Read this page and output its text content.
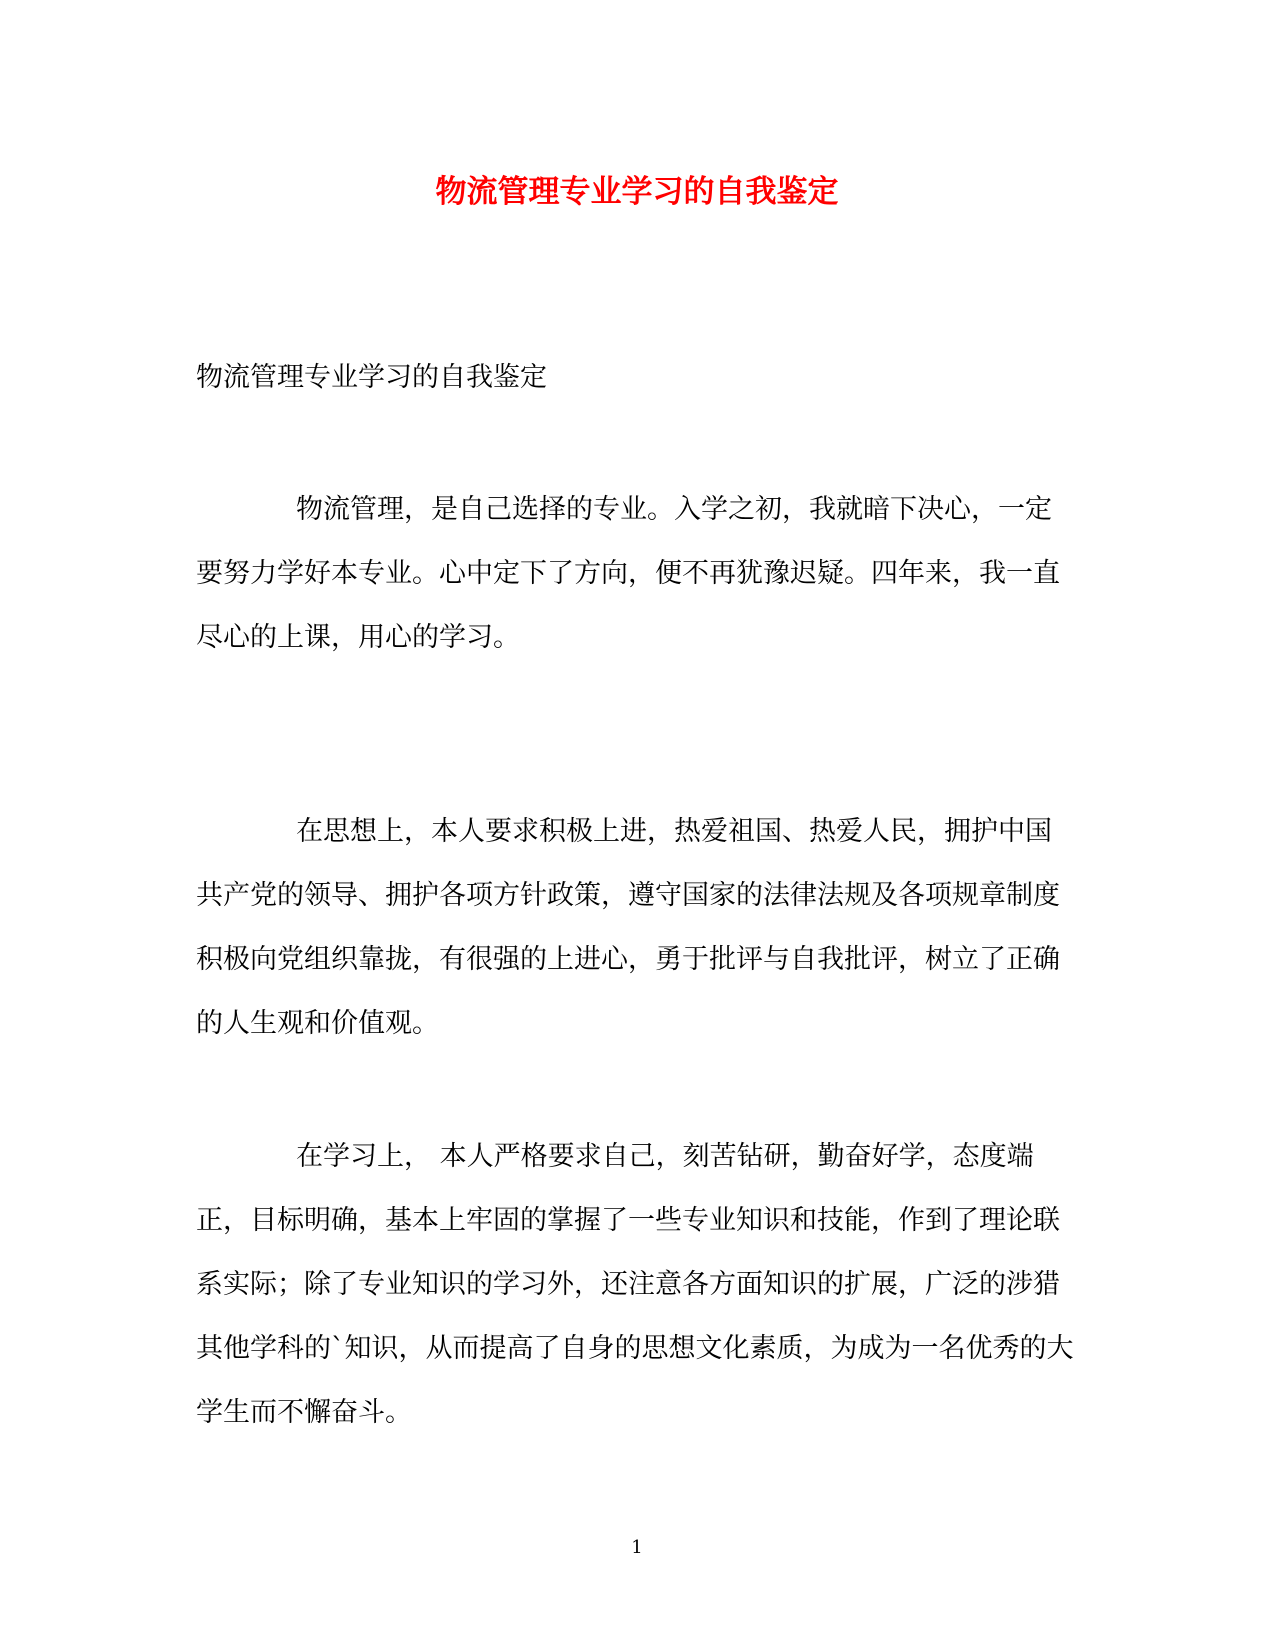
物流管理专业学习的自我鉴定

物流管理专业学习的自我鉴定

物流管理，是自己选择的专业。入学之初，我就暗下决心，一定要努力学好本专业。心中定下了方向，便不再犹豫迟疑。四年来，我一直尽心的上课，用心的学习。

在思想上，本人要求积极上进，热爱祖国、热爱人民，拥护中国共产党的领导、拥护各项方针政策，遵守国家的法律法规及各项规章制度积极向党组织靠拢，有很强的上进心，勇于批评与自我批评，树立了正确的人生观和价值观。

在学习上， 本人严格要求自己，刻苦钻研，勤奋好学，态度端正，目标明确，基本上牢固的掌握了一些专业知识和技能，作到了理论联系实际；除了专业知识的学习外，还注意各方面知识的扩展，广泛的涉猎其他学科的`知识，从而提高了自身的思想文化素质，为成为一名优秀的大学生而不懈奋斗。

1
